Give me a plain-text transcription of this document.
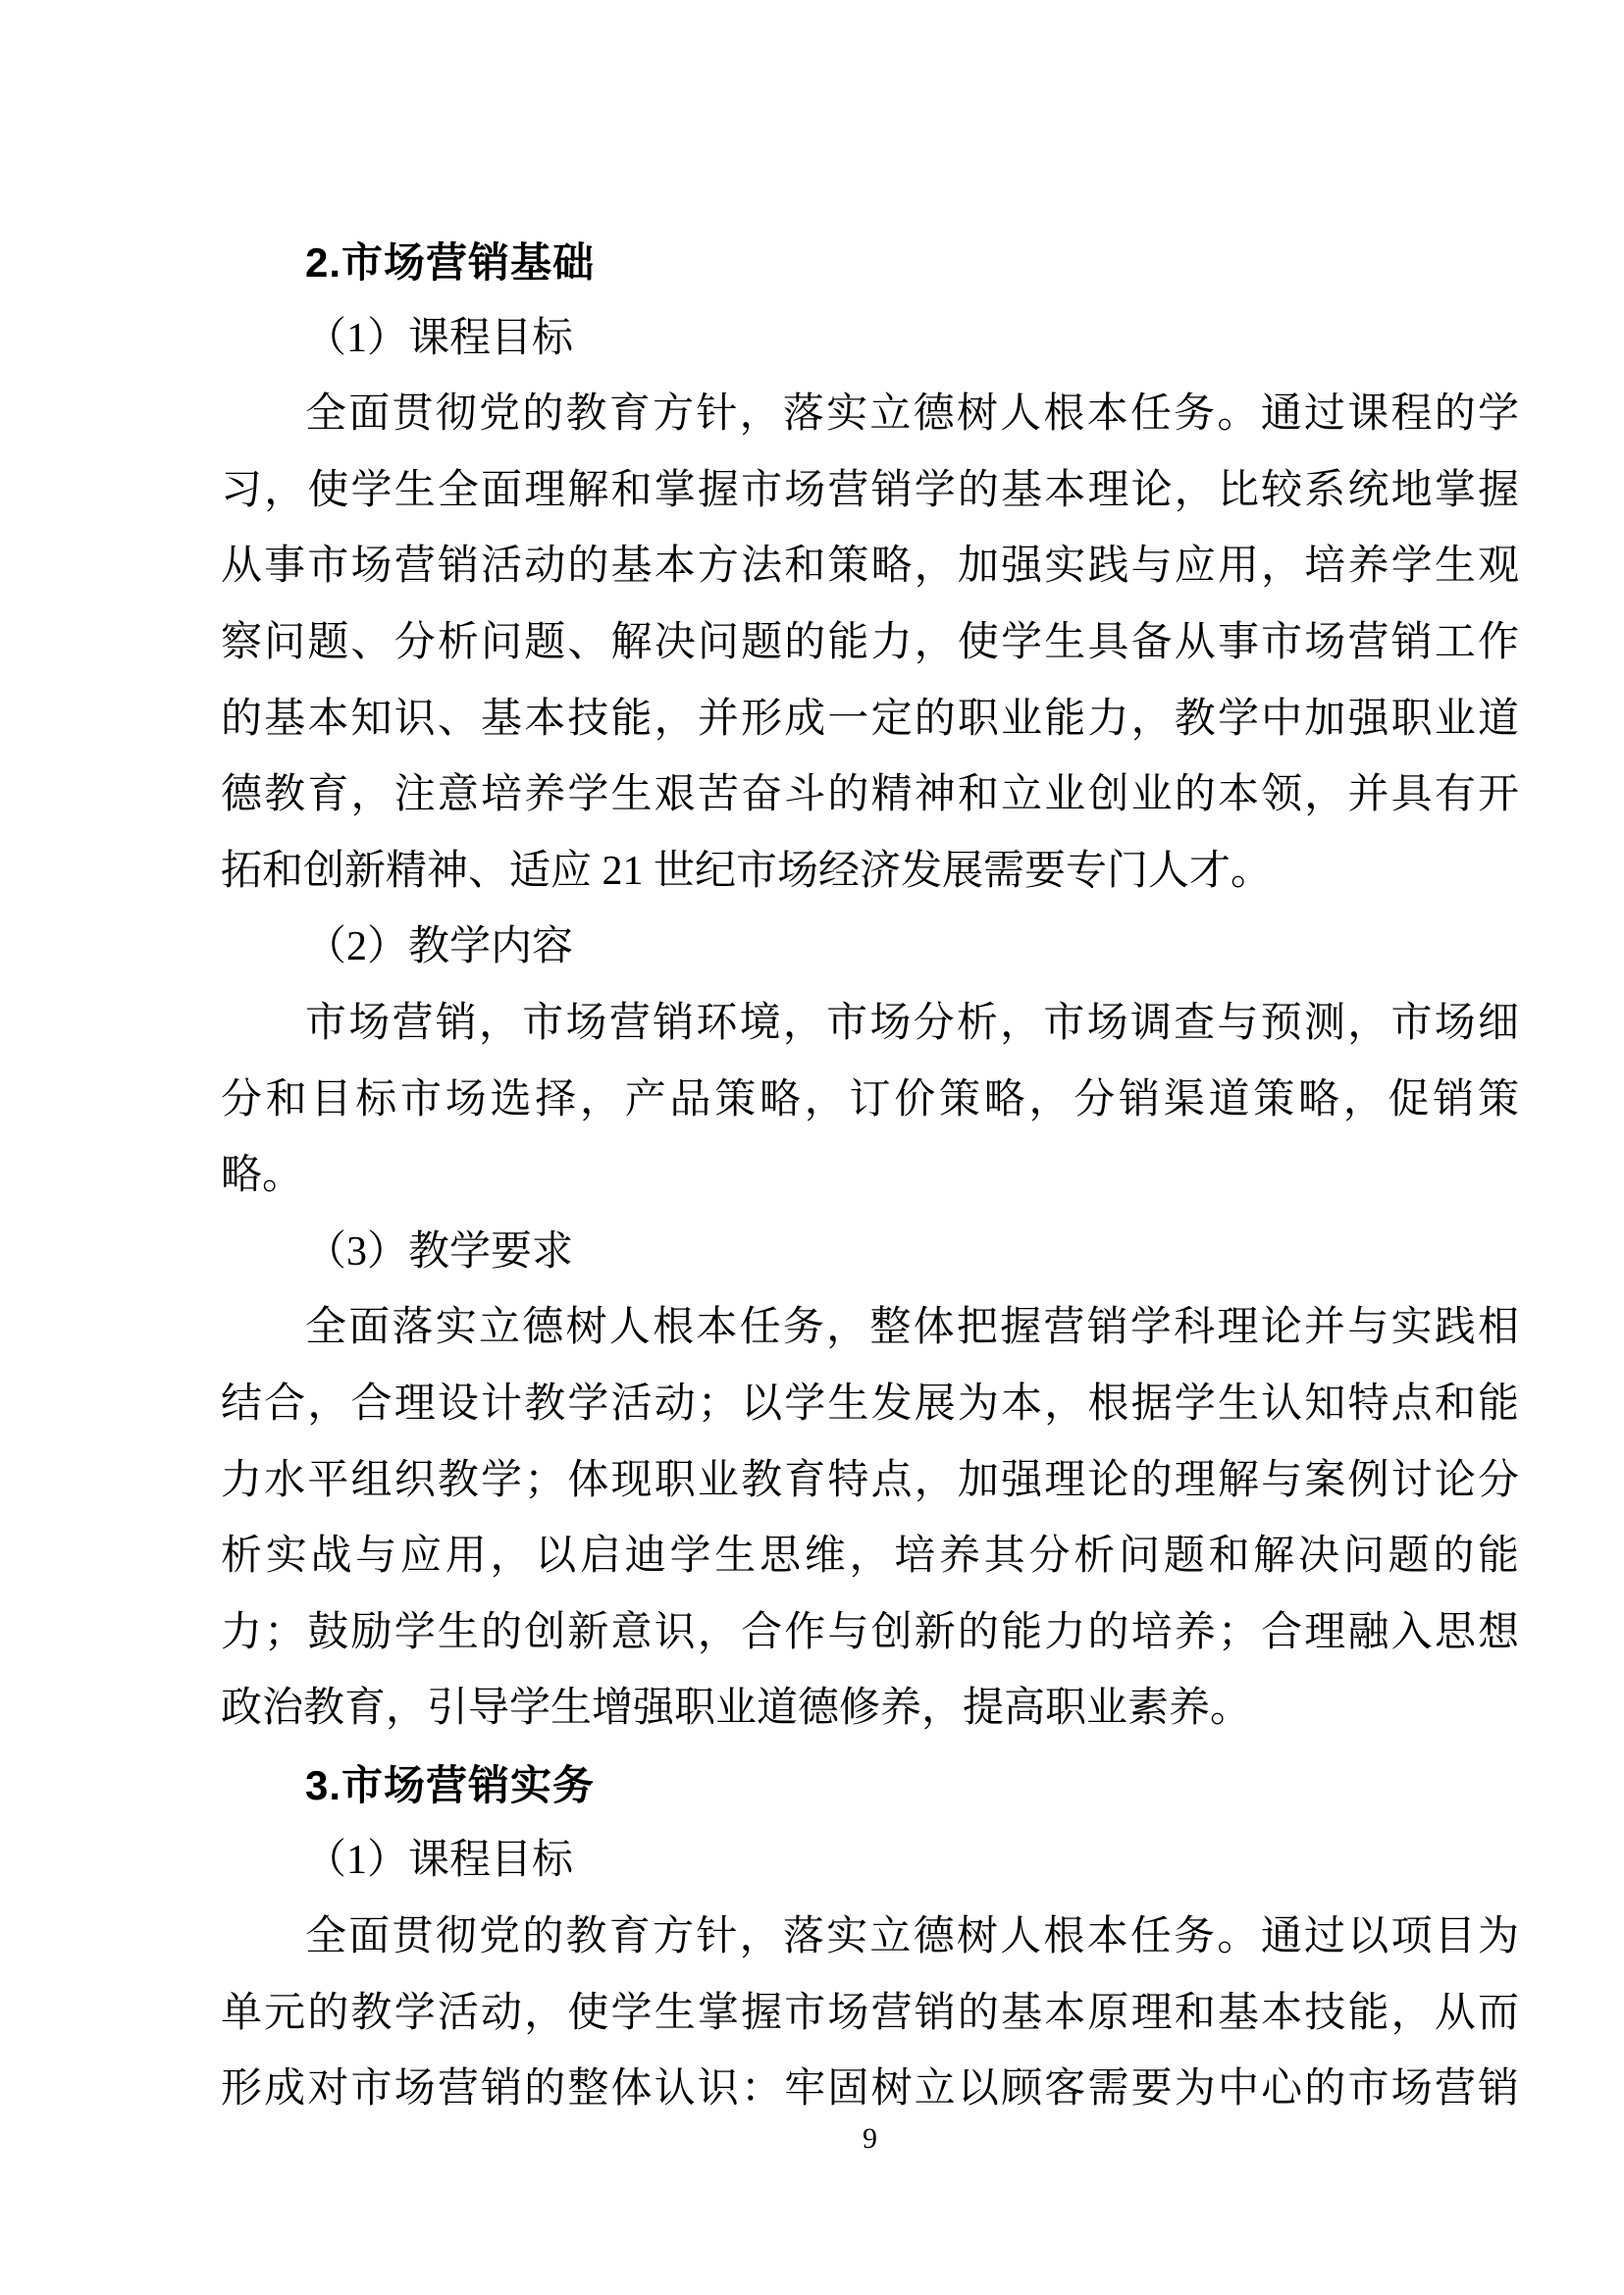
2.市场营销基础
（1）课程目标
全面贯彻党的教育方针，落实立德树人根本任务。通过课程的学
习，使学生全面理解和掌握市场营销学的基本理论，比较系统地掌握
从事市场营销活动的基本方法和策略，加强实践与应用，培养学生观
察问题、分析问题、解决问题的能力，使学生具备从事市场营销工作
的基本知识、基本技能，并形成一定的职业能力，教学中加强职业道
德教育，注意培养学生艰苦奋斗的精神和立业创业的本领，并具有开
拓和创新精神、适应 21 世纪市场经济发展需要专门人才。
（2）教学内容
市场营销，市场营销环境，市场分析，市场调查与预测，市场细
分和目标市场选择，产品策略，订价策略，分销渠道策略，促销策
略。
（3）教学要求
全面落实立德树人根本任务，整体把握营销学科理论并与实践相
结合，合理设计教学活动；以学生发展为本，根据学生认知特点和能
力水平组织教学；体现职业教育特点，加强理论的理解与案例讨论分
析实战与应用，以启迪学生思维，培养其分析问题和解决问题的能
力；鼓励学生的创新意识，合作与创新的能力的培养；合理融入思想
政治教育，引导学生增强职业道德修养，提高职业素养。
3.市场营销实务
（1）课程目标
全面贯彻党的教育方针，落实立德树人根本任务。通过以项目为
单元的教学活动，使学生掌握市场营销的基本原理和基本技能，从而
形成对市场营销的整体认识：牢固树立以顾客需要为中心的市场营销
9
